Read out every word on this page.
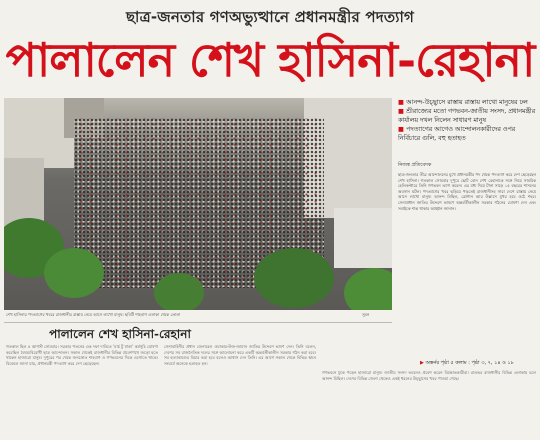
ছাত্র-জনতার গণঅভ্যুত্থানে প্রধানমন্ত্রীর পদত্যাগ
পালালেন শেখ হাসিনা-রেহানা
শেখ হাসিনার পদত্যাগের খবরে রাজধানীর রাস্তায় নেমে আসে লাখো মানুষ। ছবিটি শাহবাগ এলাকা থেকে তোলা	সুমন
■ আনন্দ-উচ্ছ্বাসে রাস্তায় রাস্তায় লাখো মানুষের ঢল
■ শ্রীরাজ্যের মতো গণভবন-জাতীয় সংসদ, প্রধানমন্ত্রীর কার্যালয় দখল নিলেন সাধারণ মানুষ
■ পদত্যাগের আগেও আন্দোলনকারীদের ওপর নির্বিচারে গুলি, বহু হতাহত
নিজস্ব প্রতিবেদক
ছাত্র-জনতার তীব্র আন্দোলনের মুখে প্রধানমন্ত্রীর পদ থেকে পদত্যাগ করে দেশ ছেড়েছেন শেখ হাসিনা। গতকাল সোমবার দুপুরে ছোট বোন শেখ রেহানাকে সঙ্গে নিয়ে সামরিক হেলিকপ্টারে তিনি গণভবন ত্যাগ করেন। এর মধ্য দিয়ে টানা সাড়ে ১৫ বছরের শাসনের অবসান ঘটল। পদত্যাগের খবর ছড়িয়ে পড়তেই রাজধানীসহ সারা দেশে রাস্তায় নেমে আসে লাখো মানুষ। আনন্দ মিছিল, স্লোগান আর উল্লাসে মুখর হয়ে ওঠে শহর। সেনাপ্রধান জাতির উদ্দেশে ভাষণে অন্তর্বর্তীকালীন সরকার গঠনের ঘোষণা দেন এবং সবাইকে শান্ত থাকার আহ্বান জানান।
▶ অস্তর্নর পৃষ্ঠা ৫ কলাম : পৃষ্ঠা ৩, ৭, ১৪ ও ১৮
পালালেন শেখ হাসিনা-রেহানা
গতকাল ছিল ৫ আগস্ট সোমবার। সরকার পতনের এক দফা দাবিতে ‘মার্চ টু ঢাকা’ কর্মসূচি ঘোষণা করেছিল বৈষম্যবিরোধী ছাত্র আন্দোলন। সকাল থেকেই রাজধানীর বিভিন্ন প্রবেশপথে জড়ো হতে থাকেন হাজারো মানুষ। দুপুরের পর থেকে জনস্রোত শাহবাগ ও গণভবনের দিকে এগোতে থাকে। বিকেলে জানা যায়, প্রধানমন্ত্রী পদত্যাগ করে দেশ ছেড়েছেন।
সেনাবাহিনীর প্রধান জেনারেল ওয়াকার-উজ-জামান জাতির উদ্দেশে ভাষণ দেন। তিনি বলেন, দেশের সব রাজনৈতিক দলের সঙ্গে আলোচনা করে একটি অন্তর্বর্তীকালীন সরকার গঠন করা হবে। সব হত্যাকাণ্ডের বিচার করা হবে বলেও আশ্বাস দেন তিনি। এর আগে সকাল থেকে বিভিন্ন স্থানে সংঘর্ষে অনেকে হতাহত হন।
গণভবনে ঢুকে পড়েন হাজারো মানুষ। জাতীয় সংসদ ভবনেও প্রবেশ করেন বিক্ষোভকারীরা। রাতভর রাজধানীর বিভিন্ন এলাকায় চলে আনন্দ মিছিল। দেশের বিভিন্ন জেলা থেকেও একই ধরনের উচ্ছ্বাসের খবর পাওয়া গেছে।
